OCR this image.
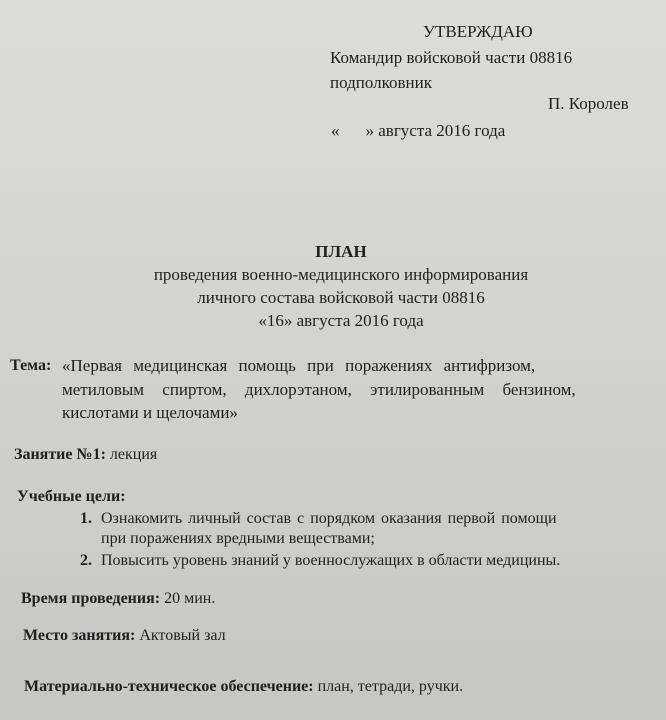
УТВЕРЖДАЮ
Командир войсковой части 08816
подполковник
П. Королев
« » августа 2016 года
ПЛАН
проведения военно-медицинского информирования
личного состава войсковой части 08816
«16» августа 2016 года
Тема: «Первая медицинская помощь при поражениях антифризом,
метиловым спиртом, дихлорэтаном, этилированным бензином,
кислотами и щелочами»
Занятие №1: лекция
Учебные цели:
1. Ознакомить личный состав с порядком оказания первой помощи
при поражениях вредными веществами;
2. Повысить уровень знаний у военнослужащих в области медицины.
Время проведения: 20 мин.
Место занятия: Актовый зал
Материально-техническое обеспечение: план, тетради, ручки.
